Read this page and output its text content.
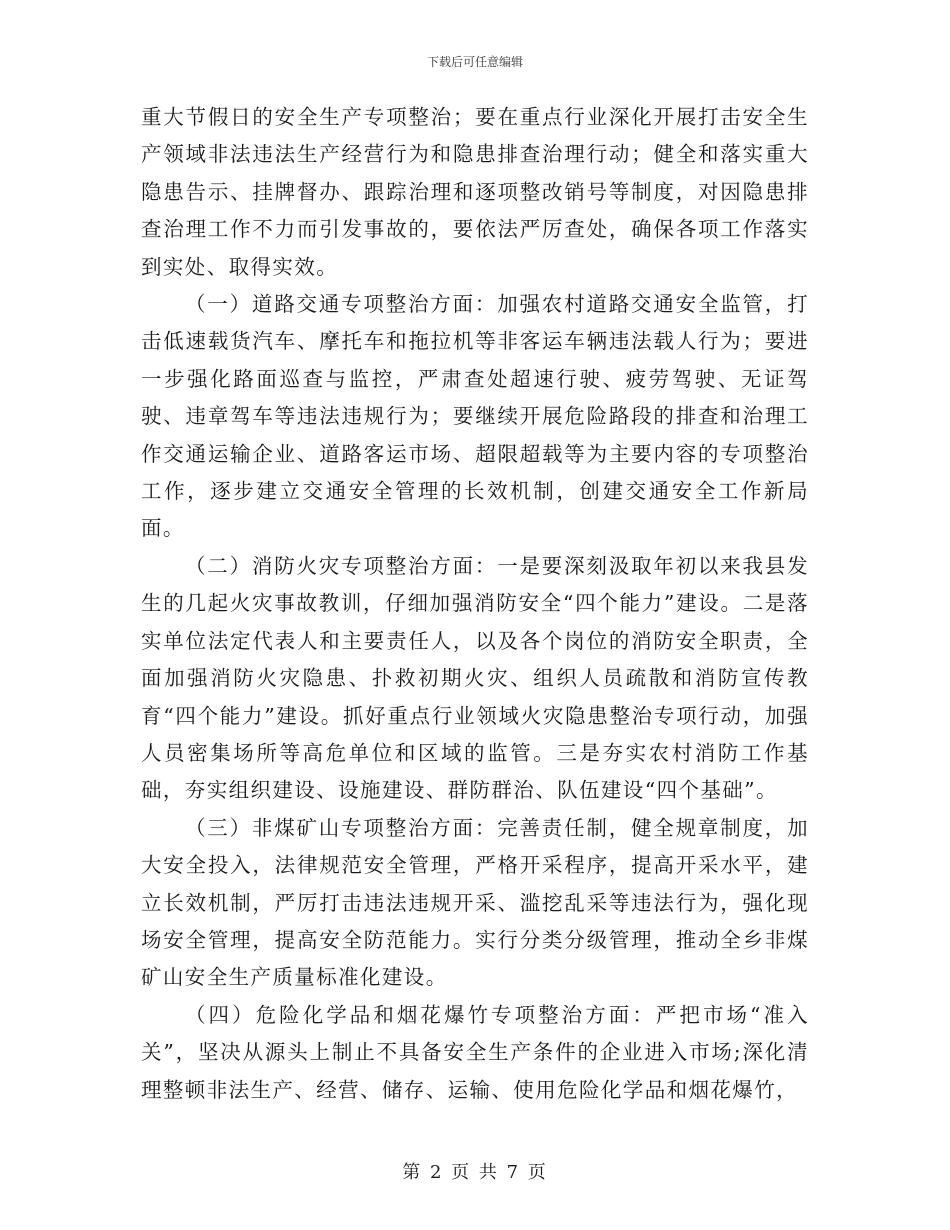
下载后可任意编辑

重大节假日的安全生产专项整治；要在重点行业深化开展打击安全生产领域非法违法生产经营行为和隐患排查治理行动；健全和落实重大隐患告示、挂牌督办、跟踪治理和逐项整改销号等制度，对因隐患排查治理工作不力而引发事故的，要依法严厉查处，确保各项工作落实到实处、取得实效。

（一）道路交通专项整治方面：加强农村道路交通安全监管，打击低速载货汽车、摩托车和拖拉机等非客运车辆违法载人行为；要进一步强化路面巡查与监控，严肃查处超速行驶、疲劳驾驶、无证驾驶、违章驾车等违法违规行为；要继续开展危险路段的排查和治理工作交通运输企业、道路客运市场、超限超载等为主要内容的专项整治工作，逐步建立交通安全管理的长效机制，创建交通安全工作新局面。

（二）消防火灾专项整治方面：一是要深刻汲取年初以来我县发生的几起火灾事故教训，仔细加强消防安全“四个能力”建设。二是落实单位法定代表人和主要责任人，以及各个岗位的消防安全职责，全面加强消防火灾隐患、扑救初期火灾、组织人员疏散和消防宣传教育“四个能力”建设。抓好重点行业领域火灾隐患整治专项行动，加强人员密集场所等高危单位和区域的监管。三是夯实农村消防工作基础，夯实组织建设、设施建设、群防群治、队伍建设“四个基础”。

（三）非煤矿山专项整治方面：完善责任制，健全规章制度，加大安全投入，法律规范安全管理，严格开采程序，提高开采水平，建立长效机制，严厉打击违法违规开采、滥挖乱采等违法行为，强化现场安全管理，提高安全防范能力。实行分类分级管理，推动全乡非煤矿山安全生产质量标准化建设。

（四）危险化学品和烟花爆竹专项整治方面：严把市场“准入关”，坚决从源头上制止不具备安全生产条件的企业进入市场;深化清理整顿非法生产、经营、储存、运输、使用危险化学品和烟花爆竹，

第 2 页 共 7 页
